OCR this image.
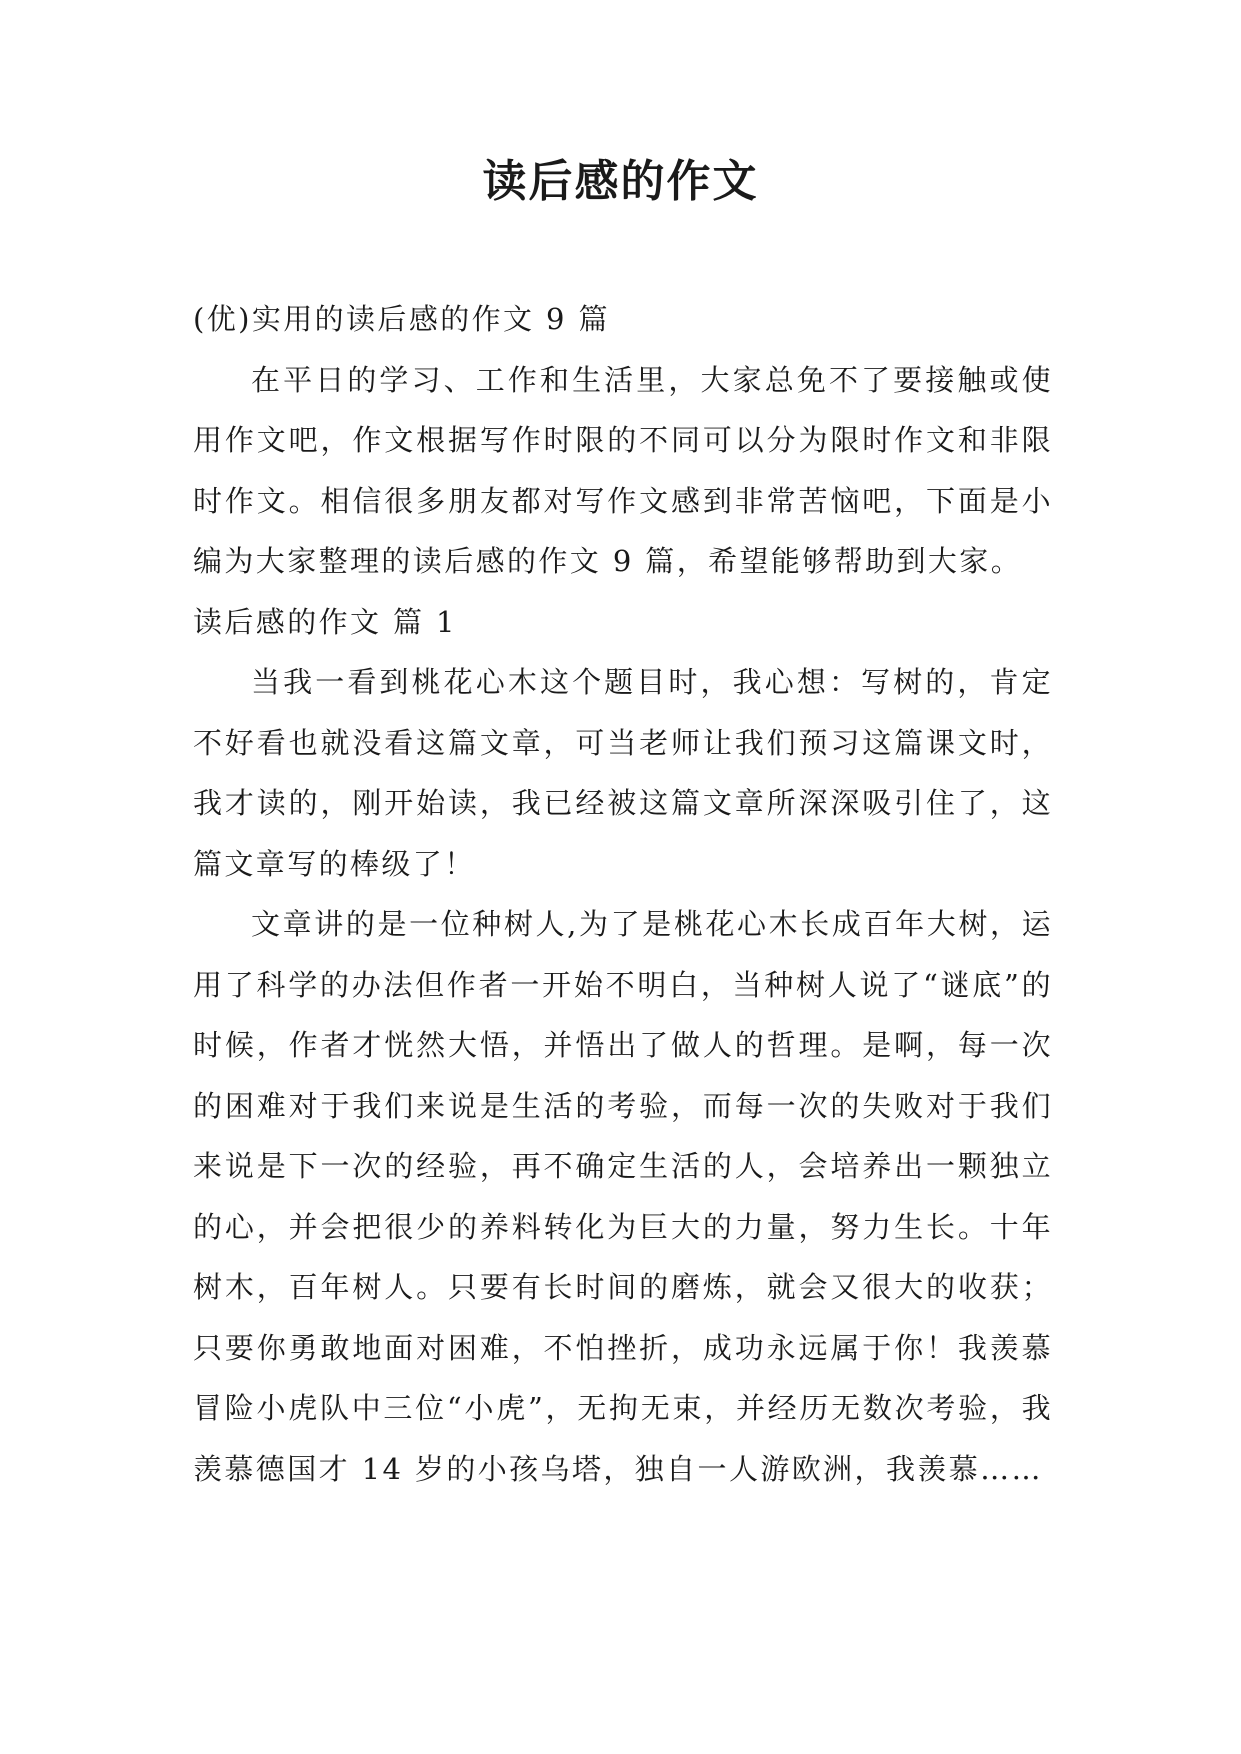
读后感的作文

(优)实用的读后感的作文 9 篇

在平日的学习、工作和生活里，大家总免不了要接触或使用作文吧，作文根据写作时限的不同可以分为限时作文和非限时作文。相信很多朋友都对写作文感到非常苦恼吧，下面是小编为大家整理的读后感的作文 9 篇，希望能够帮助到大家。

读后感的作文 篇 1

当我一看到桃花心木这个题目时，我心想：写树的，肯定不好看也就没看这篇文章，可当老师让我们预习这篇课文时，我才读的，刚开始读，我已经被这篇文章所深深吸引住了，这篇文章写的棒级了！

文章讲的是一位种树人,为了是桃花心木长成百年大树，运用了科学的办法但作者一开始不明白，当种树人说了“谜底”的时候，作者才恍然大悟，并悟出了做人的哲理。是啊，每一次的困难对于我们来说是生活的考验，而每一次的失败对于我们来说是下一次的经验，再不确定生活的人，会培养出一颗独立的心，并会把很少的养料转化为巨大的力量，努力生长。十年树木，百年树人。只要有长时间的磨炼，就会又很大的收获；只要你勇敢地面对困难，不怕挫折，成功永远属于你！我羡慕冒险小虎队中三位“小虎”，无拘无束，并经历无数次考验，我羡慕德国才 14 岁的小孩乌塔，独自一人游欧洲，我羡慕……
